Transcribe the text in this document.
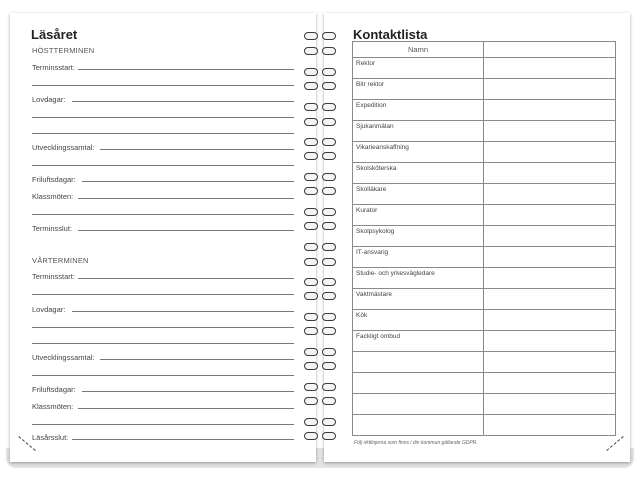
Läsåret
HÖSTTERMINEN
Terminsstart:
Lovdagar:
Utvecklingssamtal:
Friluftsdagar:
Klassmöten:
Terminsslut:
VÅRTERMINEN
Terminsstart:
Lovdagar:
Utvecklingssamtal:
Friluftsdagar:
Klassmöten:
Läsårsslut:
Kontaktlista
Namn	
Rektor	
Bitr rektor	
Expedition	
Sjukanmälan	
Vikarieanskaffning	
Skolsköterska	
Skolläkare	
Kurator	
Skolpsykolog	
IT-ansvarig	
Studie- och yrkesvägledare	
Vaktmästare	
Kök	
Fackligt ombud	

Följ riktlinjerna som finns i din kommun gällande GDPR.
